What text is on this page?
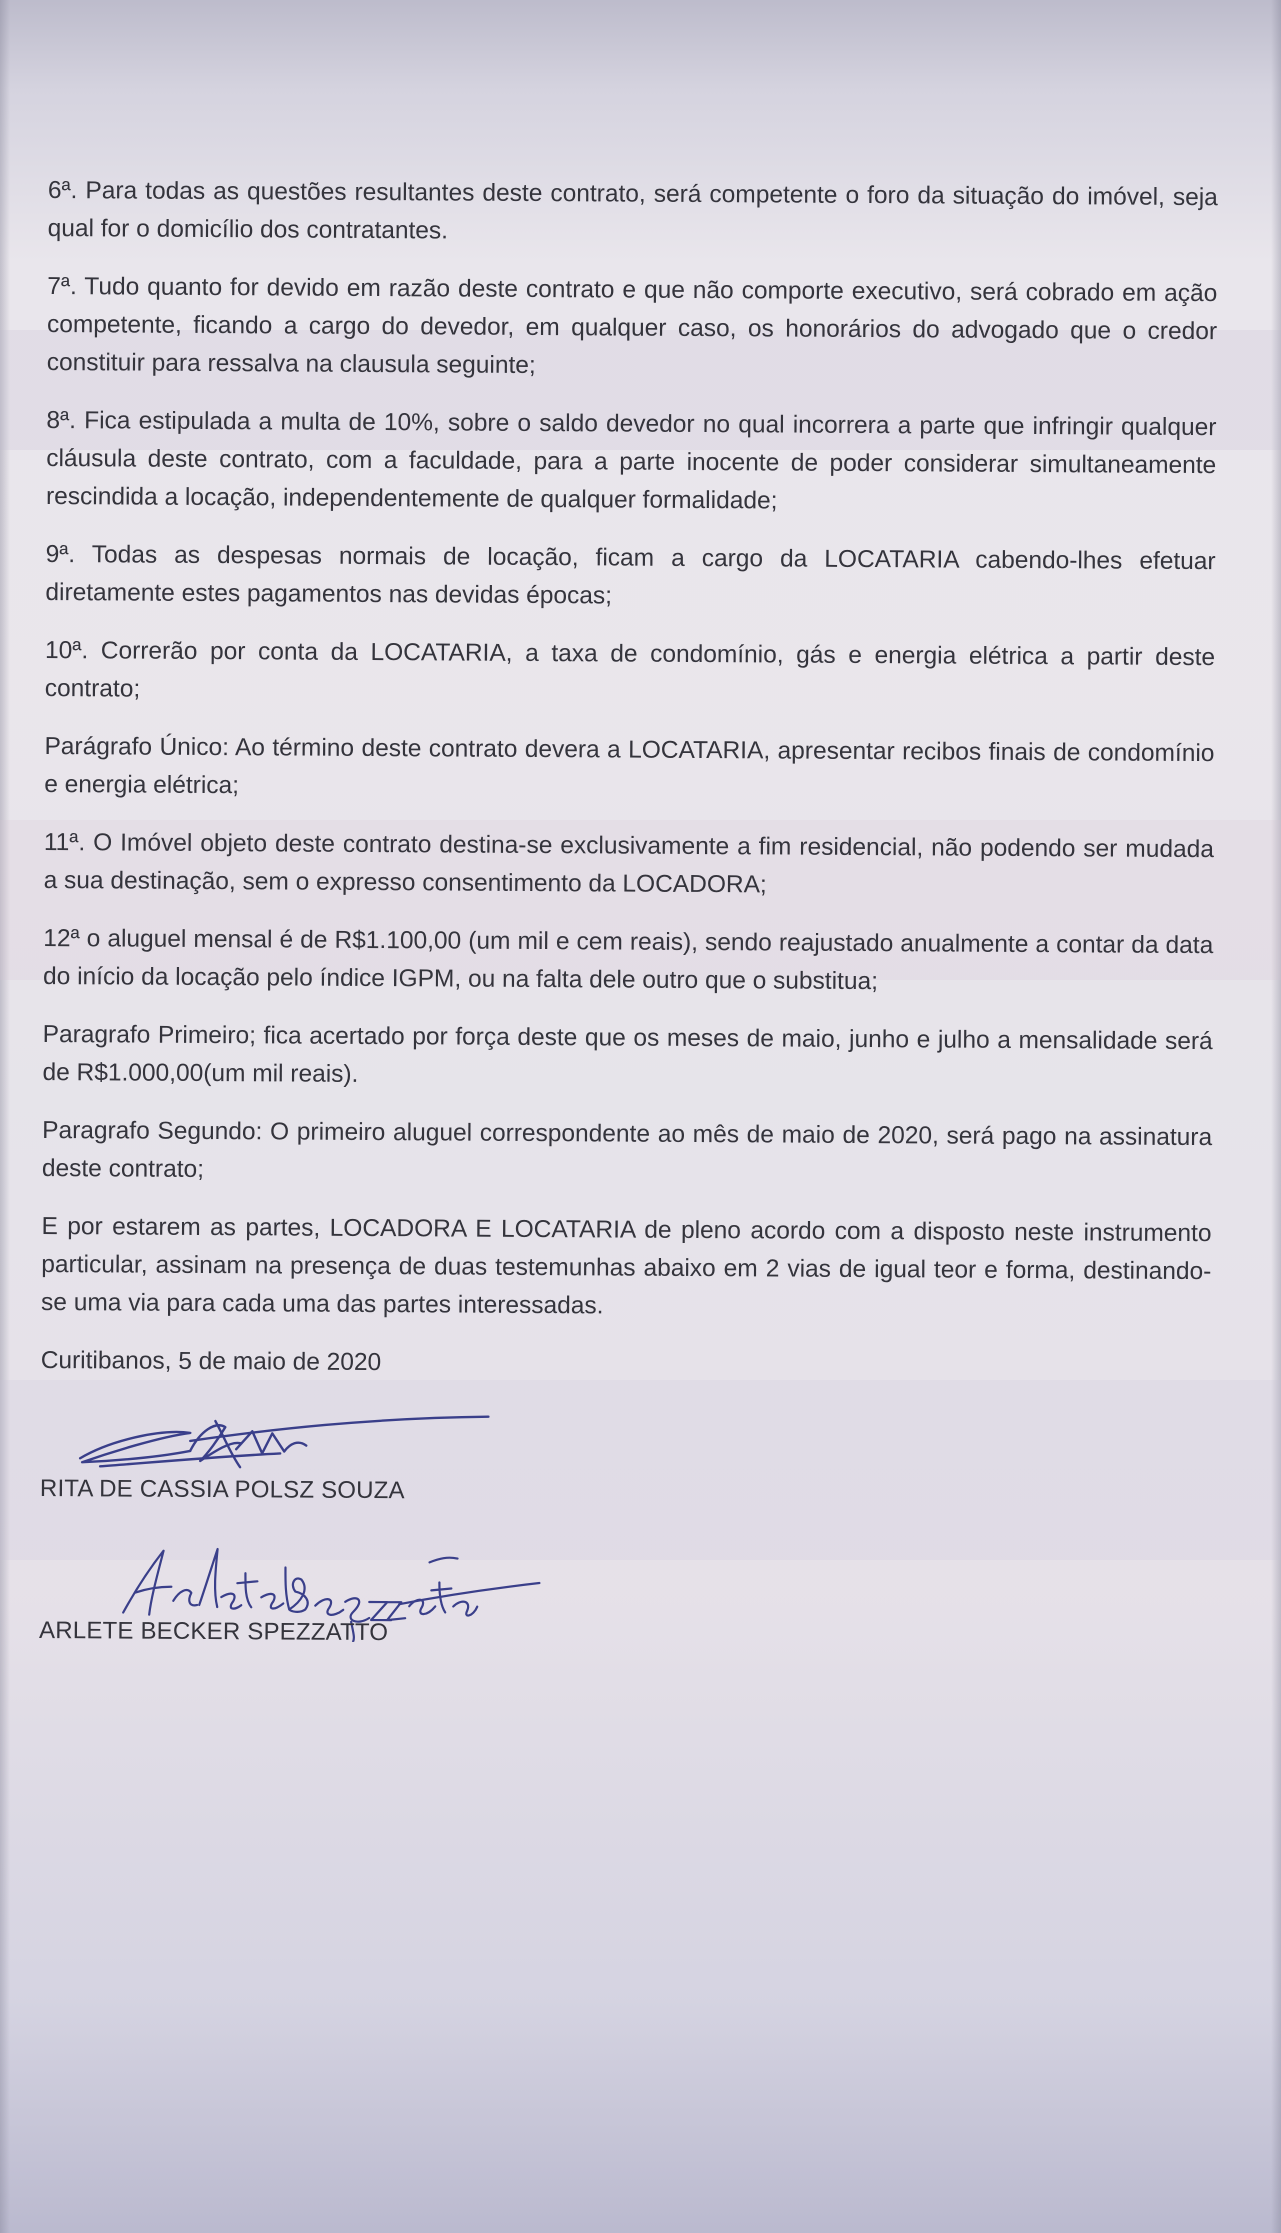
6ª. Para todas as questões resultantes deste contrato, será competente o foro da situação do imóvel, seja qual for o domicílio dos contratantes.

7ª. Tudo quanto for devido em razão deste contrato e que não comporte executivo, será cobrado em ação competente, ficando a cargo do devedor, em qualquer caso, os honorários do advogado que o credor constituir para ressalva na clausula seguinte;

8ª. Fica estipulada a multa de 10%, sobre o saldo devedor no qual incorrera a parte que infringir qualquer cláusula deste contrato, com a faculdade, para a parte inocente de poder considerar simultaneamente rescindida a locação, independentemente de qualquer formalidade;

9ª. Todas as despesas normais de locação, ficam a cargo da LOCATARIA cabendo-lhes efetuar diretamente estes pagamentos nas devidas épocas;

10ª. Correrão por conta da LOCATARIA, a taxa de condomínio, gás e energia elétrica a partir deste contrato;

Parágrafo Único: Ao término deste contrato devera a LOCATARIA, apresentar recibos finais de condomínio e energia elétrica;

11ª. O Imóvel objeto deste contrato destina-se exclusivamente a fim residencial, não podendo ser mudada a sua destinação, sem o expresso consentimento da LOCADORA;

12ª o aluguel mensal é de R$1.100,00 (um mil e cem reais), sendo reajustado anualmente a contar da data do início da locação pelo índice IGPM, ou na falta dele outro que o substitua;

Paragrafo Primeiro; fica acertado por força deste que os meses de maio, junho e julho a mensalidade será de R$1.000,00(um mil reais).

Paragrafo Segundo: O primeiro aluguel correspondente ao mês de maio de 2020, será pago na assinatura deste contrato;

E por estarem as partes, LOCADORA E LOCATARIA de pleno acordo com a disposto neste instrumento particular, assinam na presença de duas testemunhas abaixo em 2 vias de igual teor e forma, destinando-se uma via para cada uma das partes interessadas.

Curitibanos, 5 de maio de 2020

RITA DE CASSIA POLSZ SOUZA
ARLETE BECKER SPEZZATTO
